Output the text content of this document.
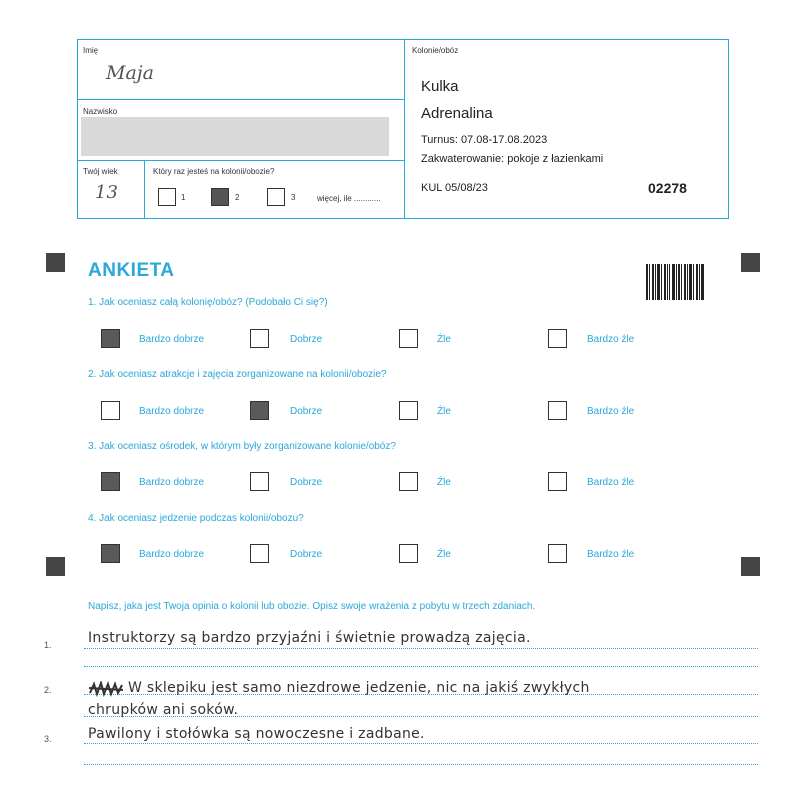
Imię
Maja
Nazwisko
Twój wiek
13
Który raz jesteś na kolonii/obozie?
1	2	3	więcej, ile ............
Kolonie/obóz
Kulka
Adrenalina
Turnus: 07.08-17.08.2023
Zakwaterowanie: pokoje z łazienkami
KUL 05/08/23	02278
ANKIETA
1. Jak oceniasz całą kolonię/obóz? (Podobało Ci się?)
Bardzo dobrze	Dobrze	Źle	Bardzo źle
2. Jak oceniasz atrakcje i zajęcia zorganizowane na kolonii/obozie?
Bardzo dobrze	Dobrze	Źle	Bardzo źle
3. Jak oceniasz ośrodek, w którym były zorganizowane kolonie/obóz?
Bardzo dobrze	Dobrze	Źle	Bardzo źle
4. Jak oceniasz jedzenie podczas kolonii/obozu?
Bardzo dobrze	Dobrze	Źle	Bardzo źle
Napisz, jaka jest Twoja opinia o kolonii lub obozie. Opisz swoje wrażenia z pobytu w trzech zdaniach.
1.
2.
3.
Instruktorzy są bardzo przyjaźni i świetnie prowadzą zajęcia.
W sklepiku jest samo niezdrowe jedzenie, nic na jakiś zwykłych
chrupków ani soków.
Pawilony i stołówka są nowoczesne i zadbane.
